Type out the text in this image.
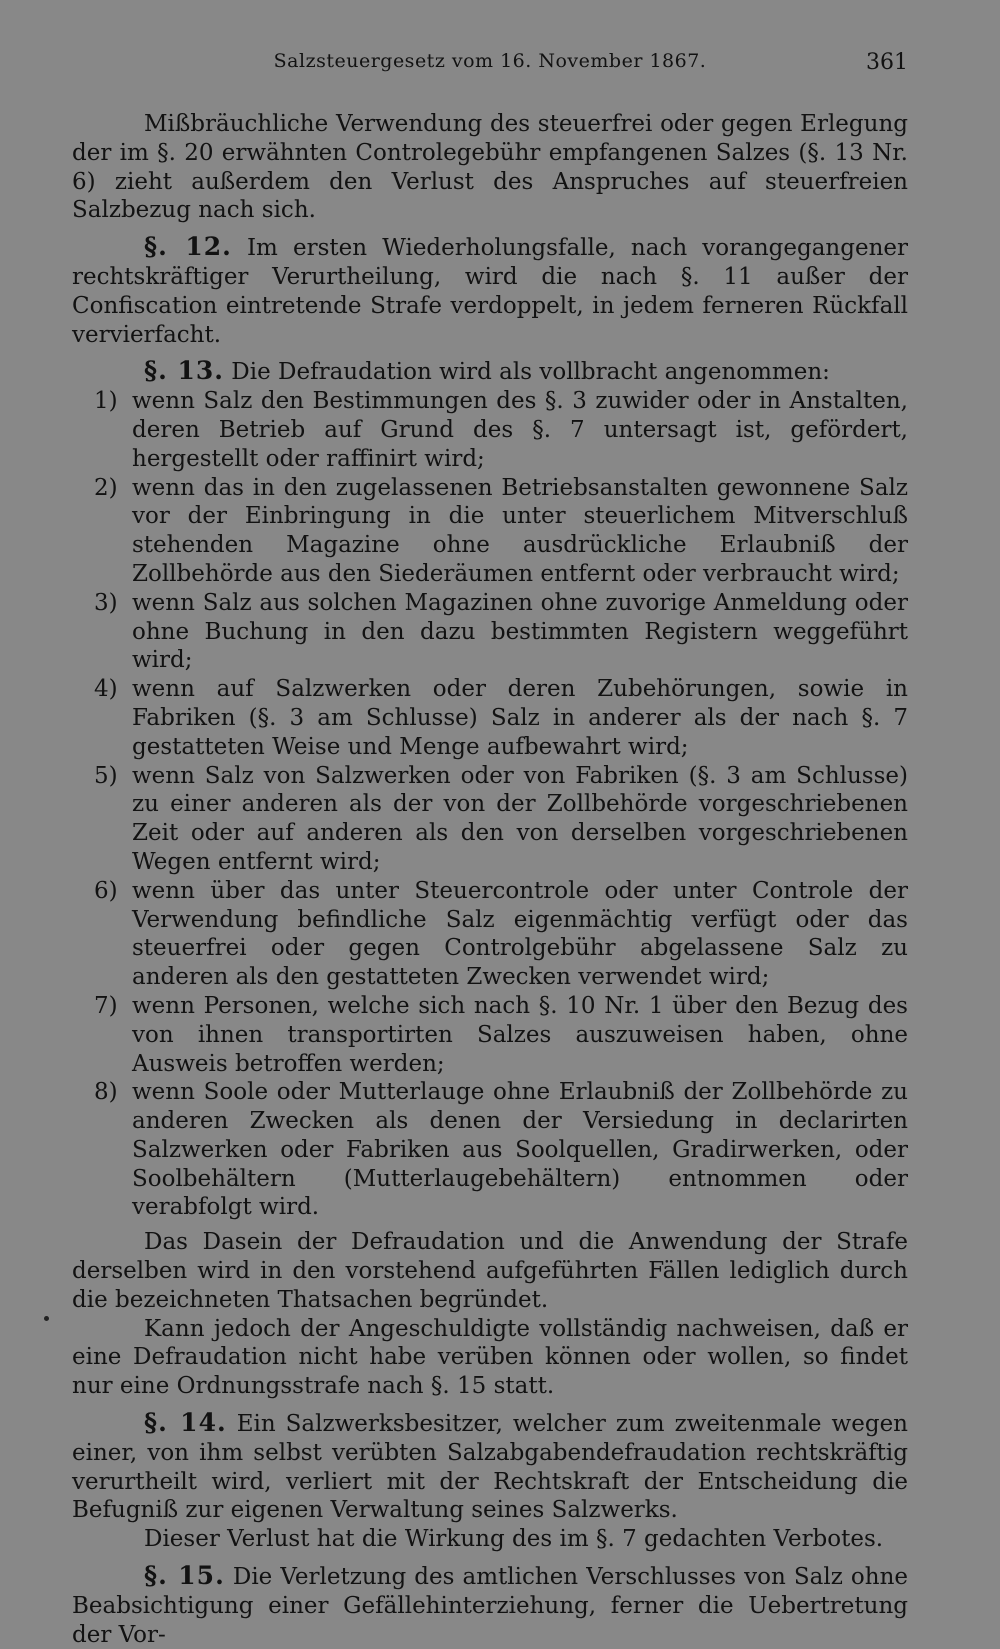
Salzsteuergesetz vom 16. November 1867.	361

Mißbräuchliche Verwendung des steuerfrei oder gegen Erlegung der im §. 20 erwähnten Controlegebühr empfangenen Salzes (§. 13 Nr. 6) zieht außerdem den Verlust des Anspruches auf steuerfreien Salzbezug nach sich.

§. 12. Im ersten Wiederholungsfalle, nach vorangegangener rechtskräftiger Verurtheilung, wird die nach §. 11 außer der Confiscation eintretende Strafe verdoppelt, in jedem ferneren Rückfall vervierfacht.

§. 13. Die Defraudation wird als vollbracht angenommen:

1) wenn Salz den Bestimmungen des §. 3 zuwider oder in Anstalten, deren Betrieb auf Grund des §. 7 untersagt ist, gefördert, hergestellt oder raffinirt wird;

2) wenn das in den zugelassenen Betriebsanstalten gewonnene Salz vor der Einbringung in die unter steuerlichem Mitverschluß stehenden Magazine ohne ausdrückliche Erlaubniß der Zollbehörde aus den Siederäumen entfernt oder verbraucht wird;

3) wenn Salz aus solchen Magazinen ohne zuvorige Anmeldung oder ohne Buchung in den dazu bestimmten Registern weggeführt wird;

4) wenn auf Salzwerken oder deren Zubehörungen, sowie in Fabriken (§. 3 am Schlusse) Salz in anderer als der nach §. 7 gestatteten Weise und Menge aufbewahrt wird;

5) wenn Salz von Salzwerken oder von Fabriken (§. 3 am Schlusse) zu einer anderen als der von der Zollbehörde vorgeschriebenen Zeit oder auf anderen als den von derselben vorgeschriebenen Wegen entfernt wird;

6) wenn über das unter Steuercontrole oder unter Controle der Verwendung befindliche Salz eigenmächtig verfügt oder das steuerfrei oder gegen Controlgebühr abgelassene Salz zu anderen als den gestatteten Zwecken verwendet wird;

7) wenn Personen, welche sich nach §. 10 Nr. 1 über den Bezug des von ihnen transportirten Salzes auszuweisen haben, ohne Ausweis betroffen werden;

8) wenn Soole oder Mutterlauge ohne Erlaubniß der Zollbehörde zu anderen Zwecken als denen der Versiedung in declarirten Salzwerken oder Fabriken aus Soolquellen, Gradirwerken, oder Soolbehältern (Mutterlaugebehältern) entnommen oder verabfolgt wird.

Das Dasein der Defraudation und die Anwendung der Strafe derselben wird in den vorstehend aufgeführten Fällen lediglich durch die bezeichneten Thatsachen begründet.

Kann jedoch der Angeschuldigte vollständig nachweisen, daß er eine Defraudation nicht habe verüben können oder wollen, so findet nur eine Ordnungsstrafe nach §. 15 statt.

§. 14. Ein Salzwerksbesitzer, welcher zum zweitenmale wegen einer, von ihm selbst verübten Salzabgabendefraudation rechtskräftig verurtheilt wird, verliert mit der Rechtskraft der Entscheidung die Befugniß zur eigenen Verwaltung seines Salzwerks.

Dieser Verlust hat die Wirkung des im §. 7 gedachten Verbotes.

§. 15. Die Verletzung des amtlichen Verschlusses von Salz ohne Beabsichtigung einer Gefällehinterziehung, ferner die Uebertretung der Vor-
